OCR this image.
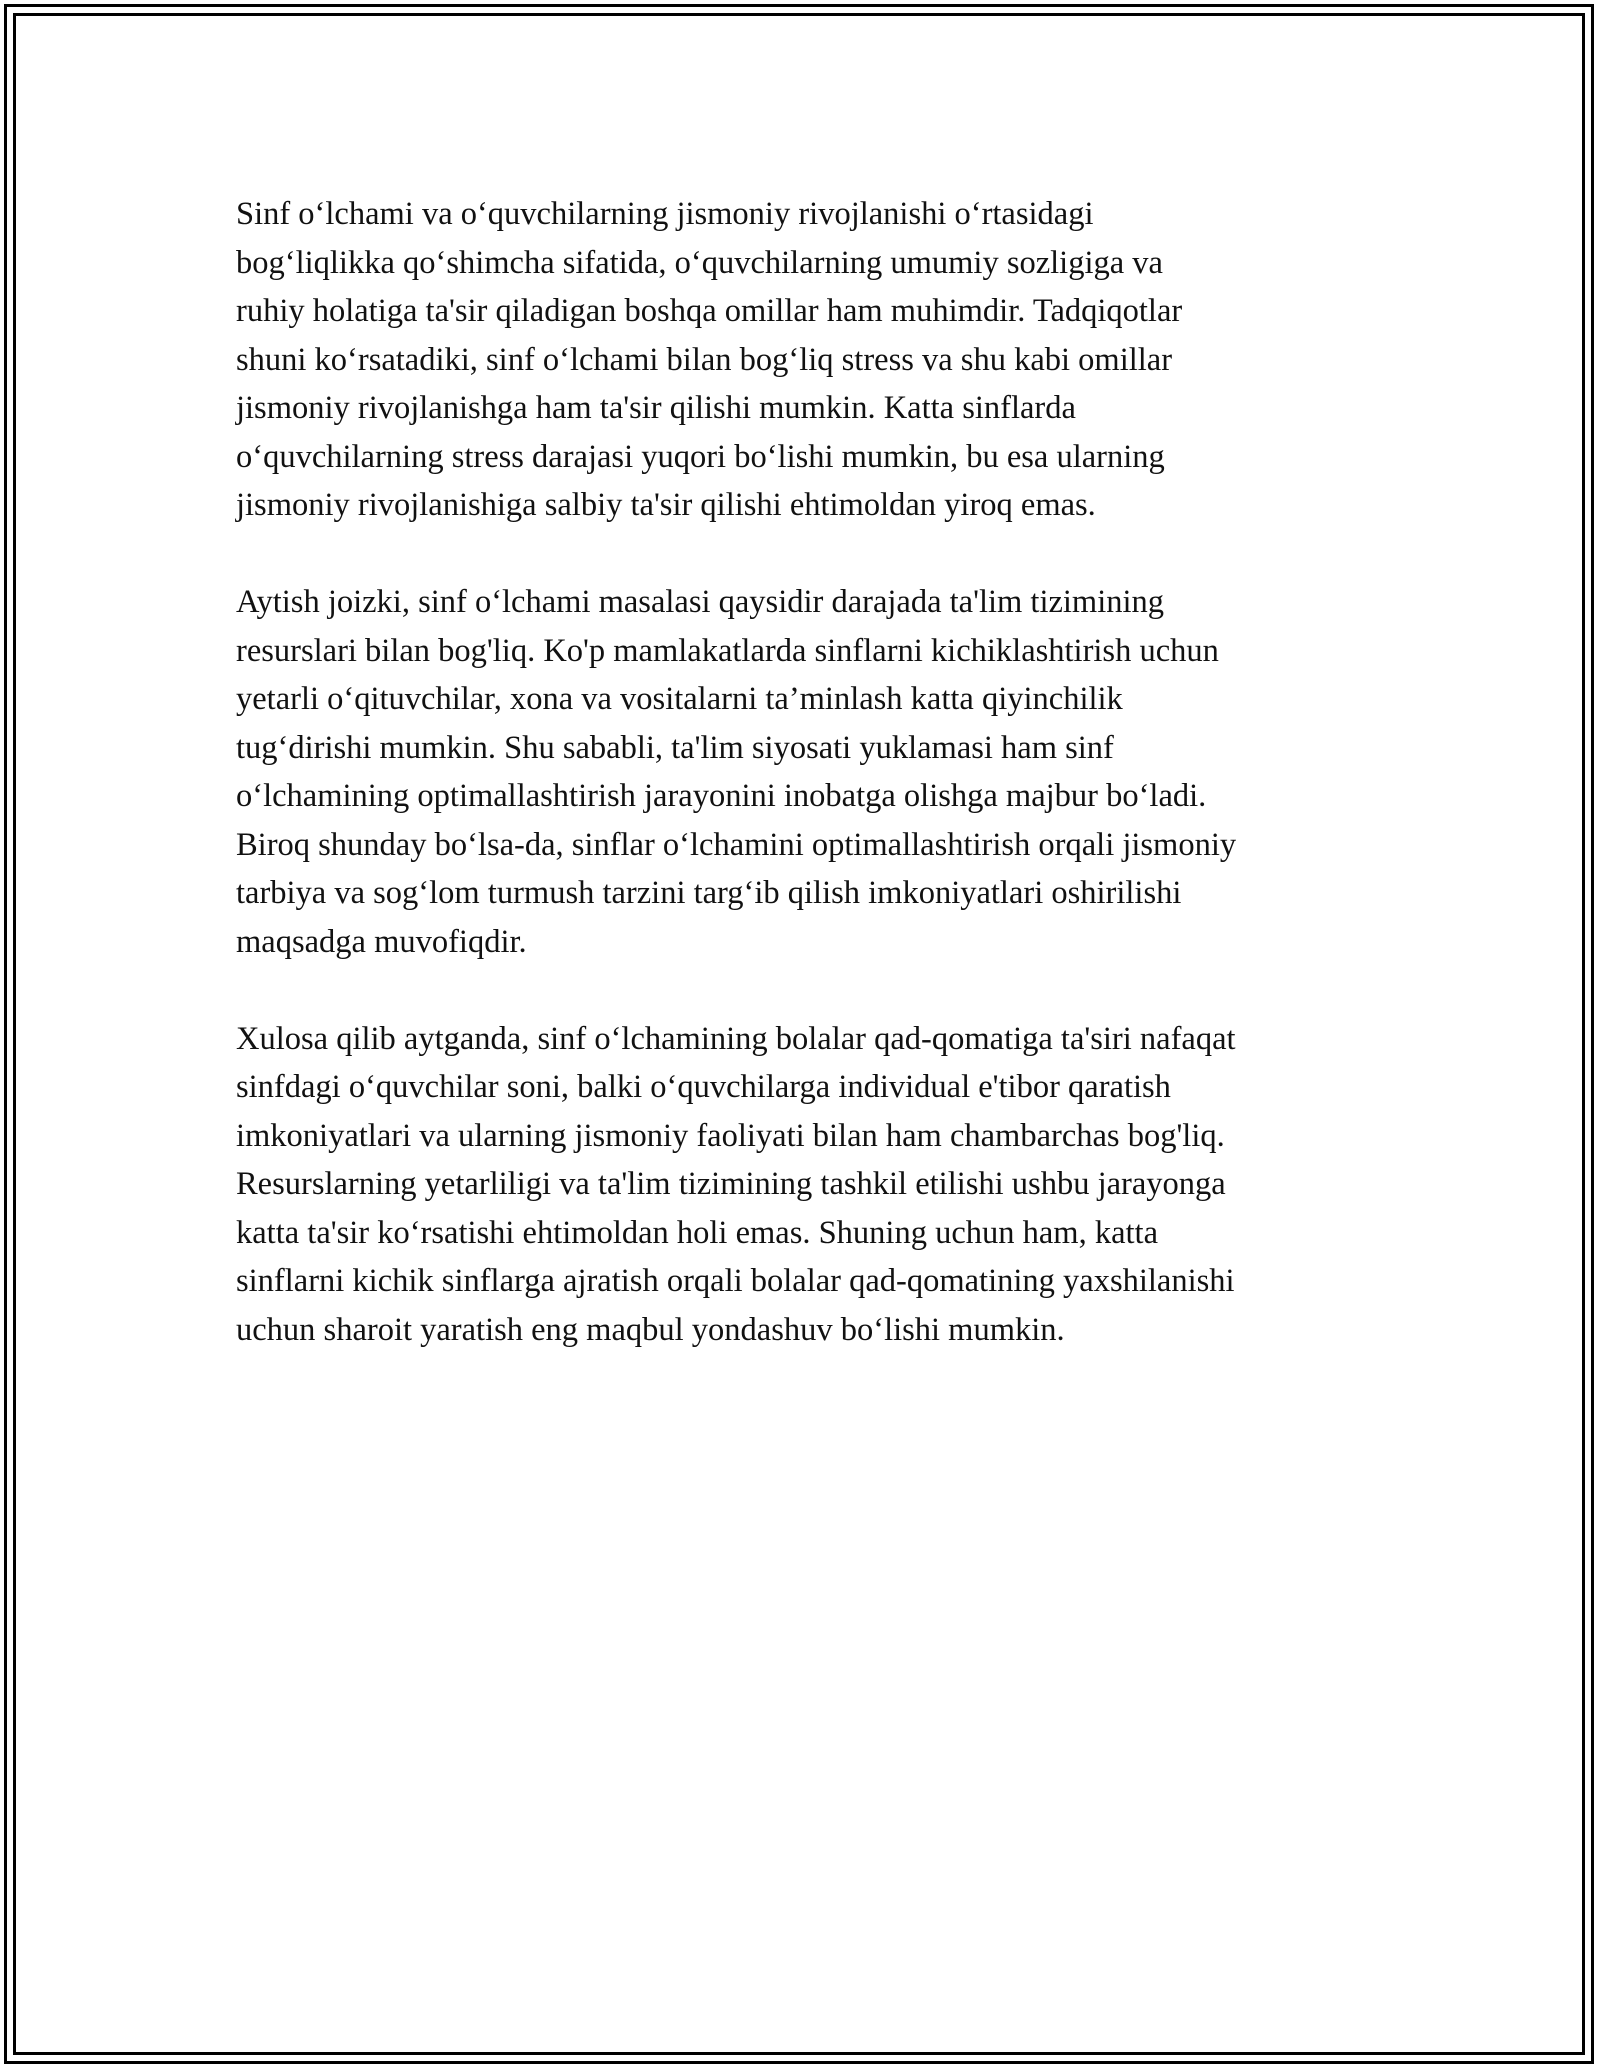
Sinf o‘lchami va o‘quvchilarning jismoniy rivojlanishi o‘rtasidagi
bog‘liqlikka qo‘shimcha sifatida, o‘quvchilarning umumiy sozligiga va
ruhiy holatiga ta'sir qiladigan boshqa omillar ham muhimdir. Tadqiqotlar
shuni ko‘rsatadiki, sinf o‘lchami bilan bog‘liq stress va shu kabi omillar
jismoniy rivojlanishga ham ta'sir qilishi mumkin. Katta sinflarda
o‘quvchilarning stress darajasi yuqori bo‘lishi mumkin, bu esa ularning
jismoniy rivojlanishiga salbiy ta'sir qilishi ehtimoldan yiroq emas.

Aytish joizki, sinf o‘lchami masalasi qaysidir darajada ta'lim tizimining
resurslari bilan bog'liq. Ko'p mamlakatlarda sinflarni kichiklashtirish uchun
yetarli o‘qituvchilar, xona va vositalarni ta’minlash katta qiyinchilik
tug‘dirishi mumkin. Shu sababli, ta'lim siyosati yuklamasi ham sinf
o‘lchamining optimallashtirish jarayonini inobatga olishga majbur bo‘ladi.
Biroq shunday bo‘lsa-da, sinflar o‘lchamini optimallashtirish orqali jismoniy
tarbiya va sog‘lom turmush tarzini targ‘ib qilish imkoniyatlari oshirilishi
maqsadga muvofiqdir.

Xulosa qilib aytganda, sinf o‘lchamining bolalar qad-qomatiga ta'siri nafaqat
sinfdagi o‘quvchilar soni, balki o‘quvchilarga individual e'tibor qaratish
imkoniyatlari va ularning jismoniy faoliyati bilan ham chambarchas bog'liq.
Resurslarning yetarliligi va ta'lim tizimining tashkil etilishi ushbu jarayonga
katta ta'sir ko‘rsatishi ehtimoldan holi emas. Shuning uchun ham, katta
sinflarni kichik sinflarga ajratish orqali bolalar qad-qomatining yaxshilanishi
uchun sharoit yaratish eng maqbul yondashuv bo‘lishi mumkin.
